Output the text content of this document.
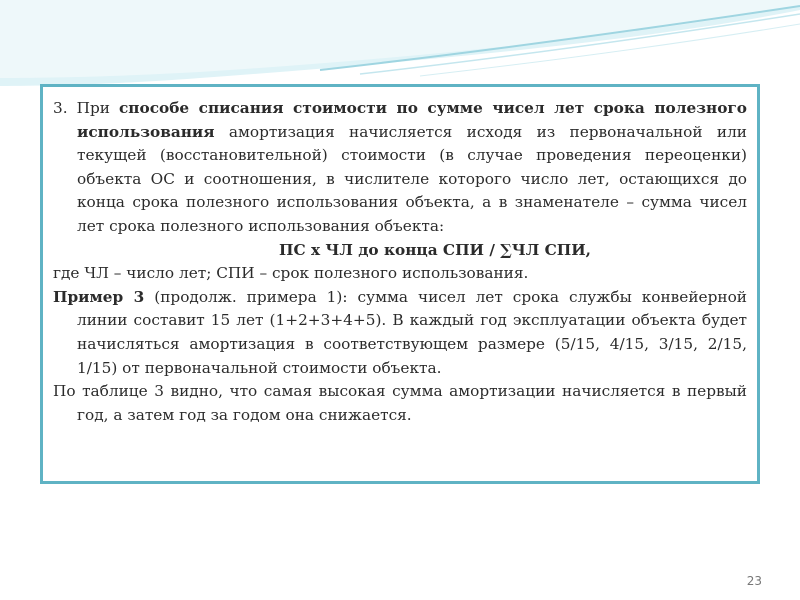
3. При способе списания стоимости по сумме чисел лет срока полезного использования амортизация начисляется исходя из первоначальной или текущей (восстановительной) стоимости (в случае проведения переоценки) объекта ОС и соотношения, в числителе которого число лет, остающихся до конца срока полезного использования объекта, а в знаменателе – сумма чисел лет срока полезного использования объекта:

ПС х ЧЛ до конца СПИ / ∑ЧЛ СПИ,

где ЧЛ – число лет; СПИ – срок полезного использования.

Пример 3 (продолж. примера 1): сумма чисел лет срока службы конвейерной линии составит 15 лет (1+2+3+4+5). В каждый год эксплуатации объекта будет начисляться амортизация в соответствующем размере (5/15, 4/15, 3/15, 2/15, 1/15) от первоначальной стоимости объекта.

По таблице 3 видно, что самая высокая сумма амортизации начисляется в первый год, а затем год за годом она снижается.

23
